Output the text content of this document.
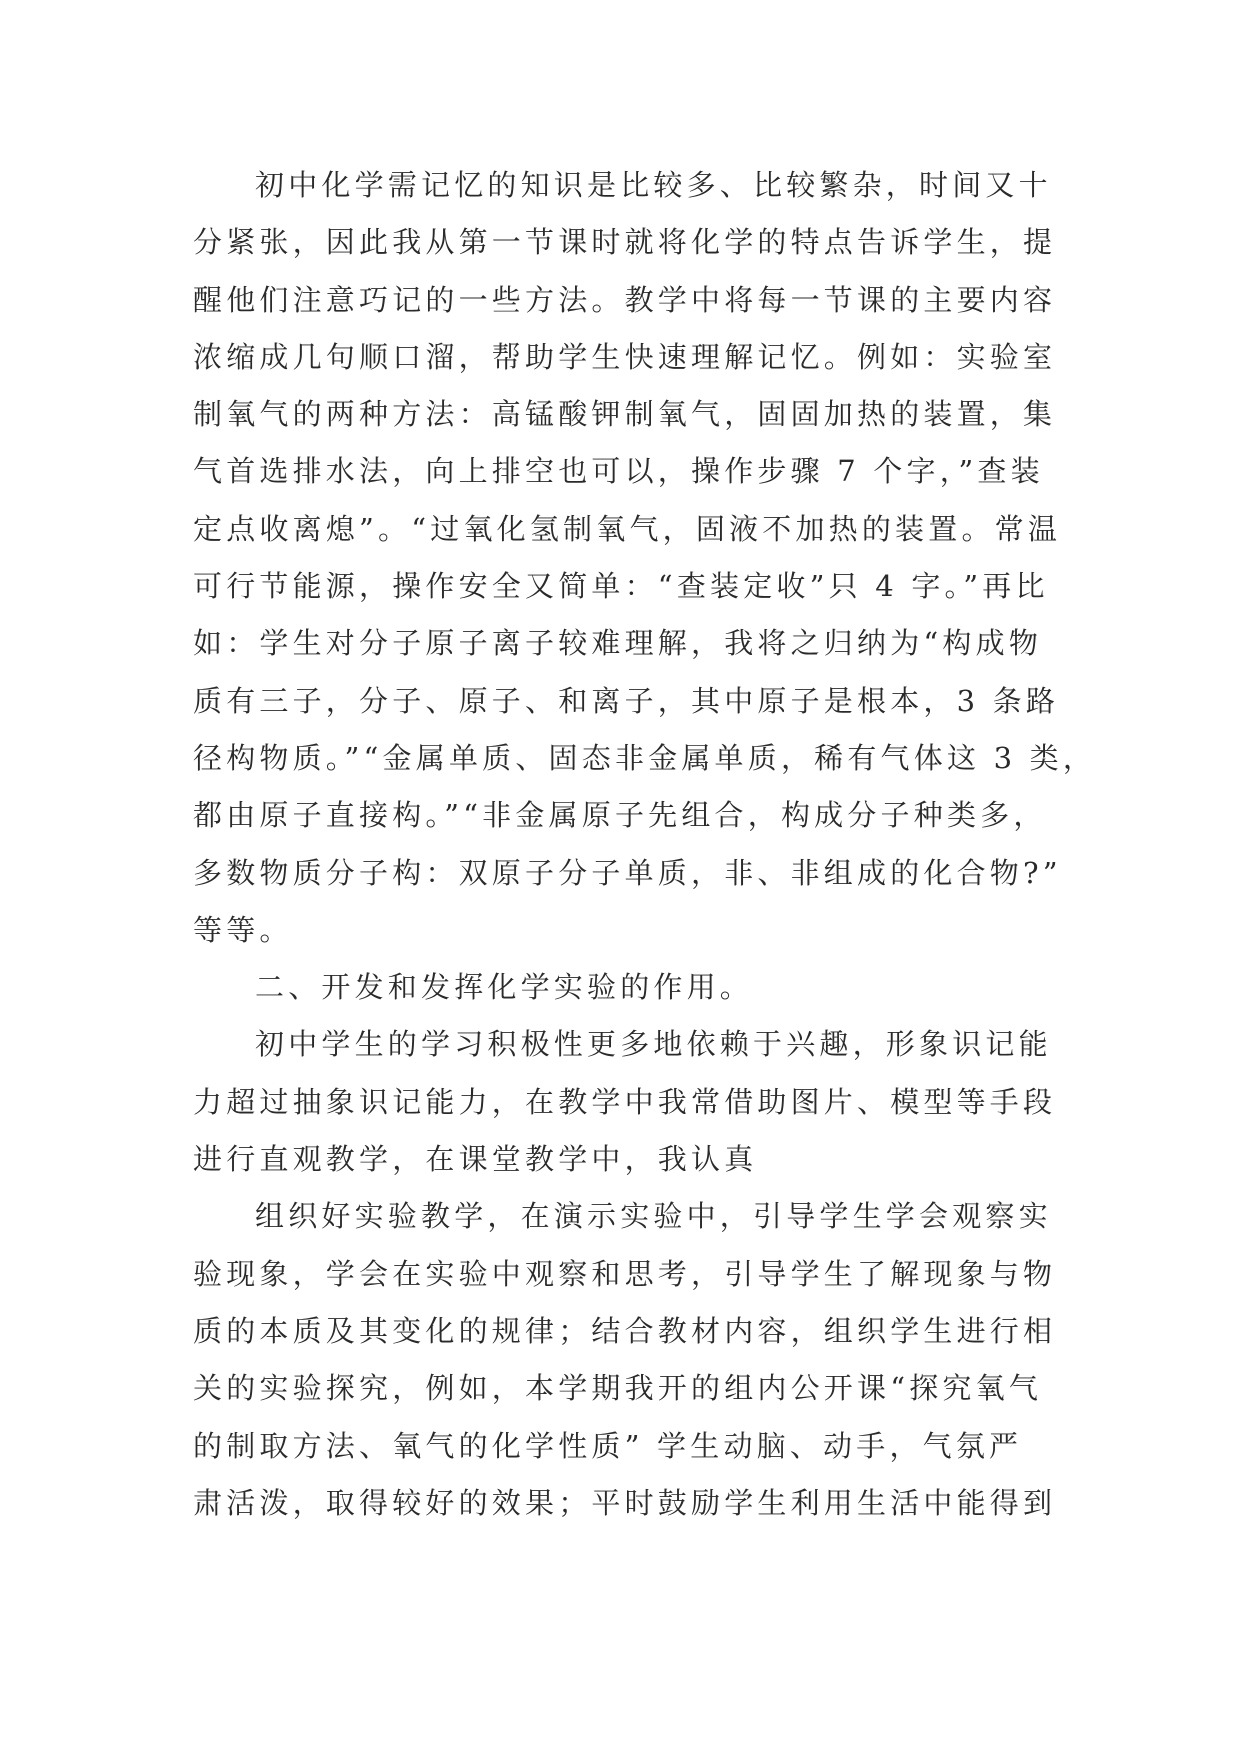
初中化学需记忆的知识是比较多、比较繁杂，时间又十
分紧张，因此我从第一节课时就将化学的特点告诉学生，提
醒他们注意巧记的一些方法。教学中将每一节课的主要内容
浓缩成几句顺口溜，帮助学生快速理解记忆。例如：实验室
制氧气的两种方法：高锰酸钾制氧气，固固加热的装置，集
气首选排水法，向上排空也可以，操作步骤 7 个字，”查装
定点收离熄”。“过氧化氢制氧气，固液不加热的装置。常温
可行节能源，操作安全又简单：“查装定收”只 4 字。”再比
如：学生对分子原子离子较难理解，我将之归纳为“构成物
质有三子，分子、原子、和离子，其中原子是根本，3 条路
径构物质。”“金属单质、固态非金属单质，稀有气体这 3 类，
都由原子直接构。”“非金属原子先组合，构成分子种类多，
多数物质分子构：双原子分子单质，非、非组成的化合物?”
等等。
二、开发和发挥化学实验的作用。
初中学生的学习积极性更多地依赖于兴趣，形象识记能
力超过抽象识记能力，在教学中我常借助图片、模型等手段
进行直观教学，在课堂教学中，我认真
组织好实验教学，在演示实验中，引导学生学会观察实
验现象，学会在实验中观察和思考，引导学生了解现象与物
质的本质及其变化的规律；结合教材内容，组织学生进行相
关的实验探究，例如，本学期我开的组内公开课“探究氧气
的制取方法、氧气的化学性质” 学生动脑、动手，气氛严
肃活泼，取得较好的效果；平时鼓励学生利用生活中能得到
